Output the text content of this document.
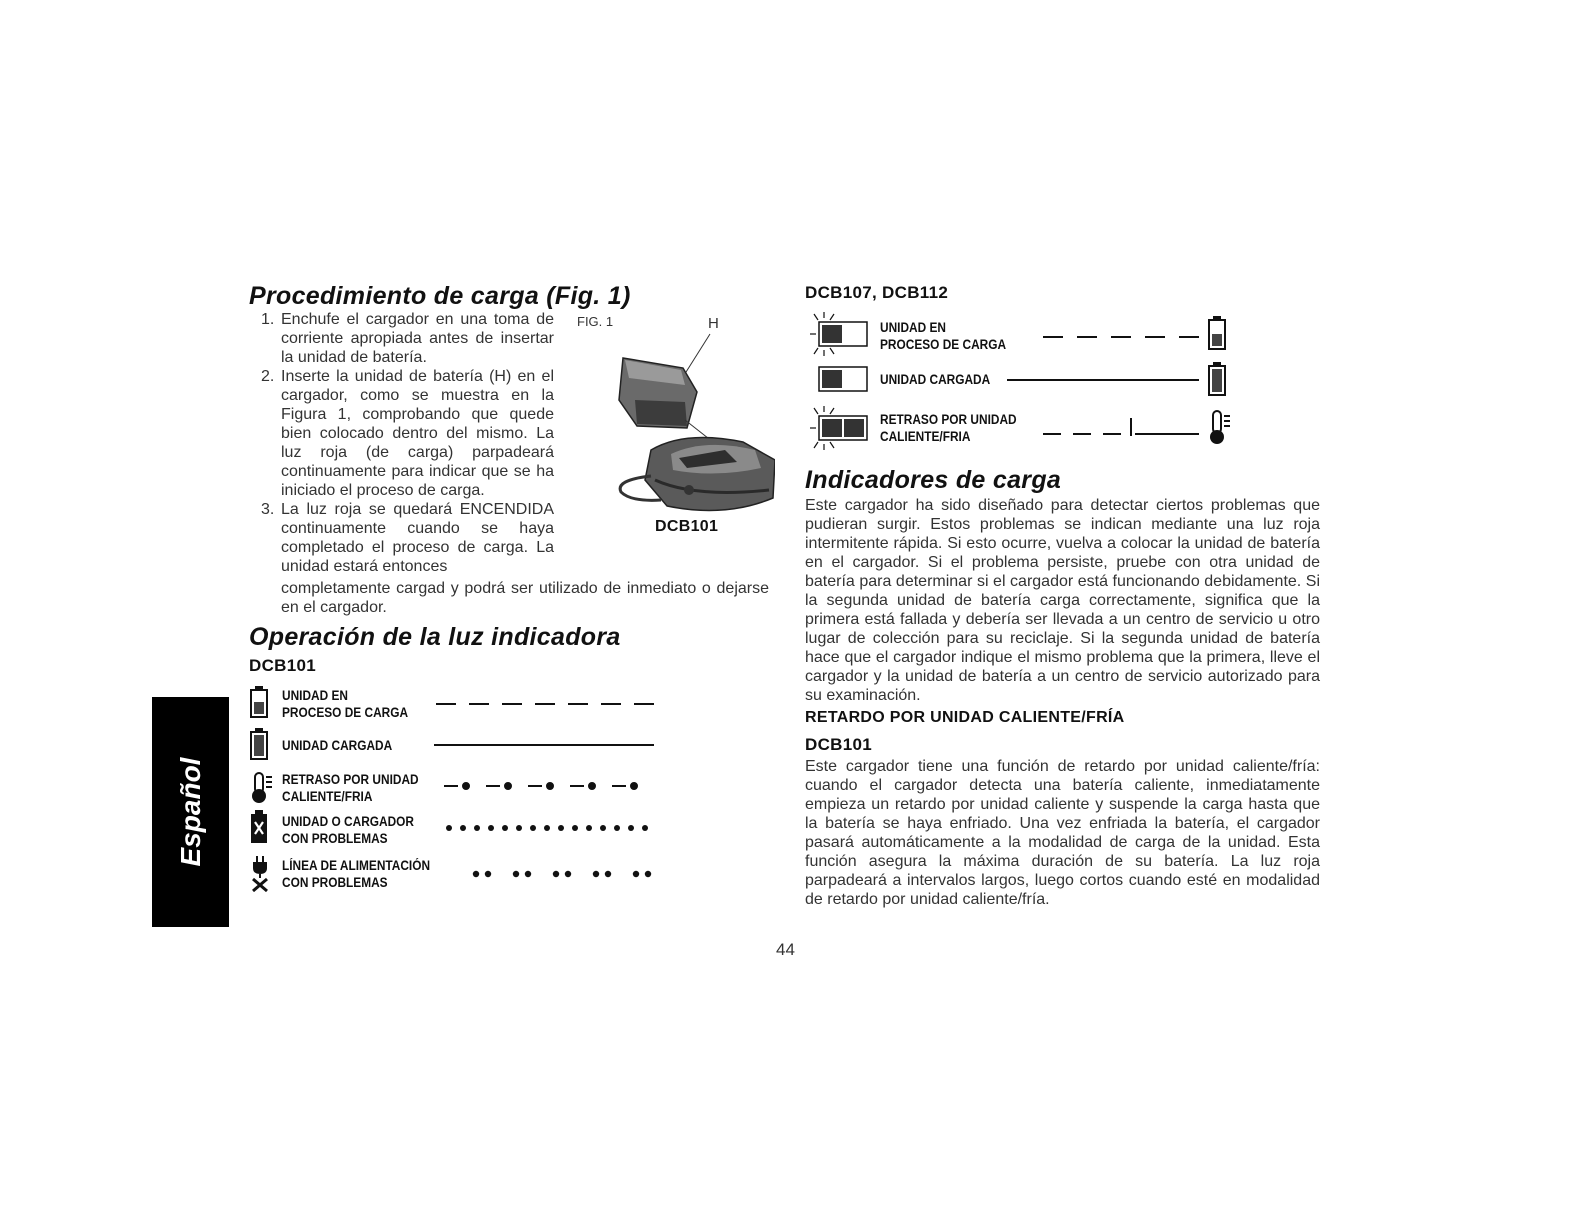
Español
Procedimiento de carga (Fig. 1)
1. Enchufe el cargador en una toma de corriente apropiada antes de insertar la unidad de batería.
2. Inserte la unidad de batería (H) en el cargador, como se muestra en la Figura 1, comprobando que quede bien colocado dentro del mismo. La luz roja (de carga) parpadeará continuamente para indicar que se ha iniciado el proceso de carga.
3. La luz roja se quedará ENCENDIDA continuamente cuando se haya completado el proceso de carga. La unidad estará entonces
completamente cargad y podrá ser utilizado de inmediato o dejarse en el cargador.
FIG. 1	H
DCB101
Operación de la luz indicadora
DCB101
UNIDAD EN
PROCESO DE CARGA
UNIDAD CARGADA
RETRASO POR UNIDAD
CALIENTE/FRIA
UNIDAD O CARGADOR
CON PROBLEMAS
LÍNEA DE ALIMENTACIÓN
CON PROBLEMAS
DCB107, DCB112
UNIDAD EN
PROCESO DE CARGA
UNIDAD CARGADA
RETRASO POR UNIDAD
CALIENTE/FRIA
Indicadores de carga
Este cargador ha sido diseñado para detectar ciertos problemas que pudieran surgir. Estos problemas se indican mediante una luz roja intermitente rápida. Si esto ocurre, vuelva a colocar la unidad de batería en el cargador. Si el problema persiste, pruebe con otra unidad de batería para determinar si el cargador está funcionando debidamente. Si la segunda unidad de batería carga correctamente, significa que la primera está fallada y debería ser llevada a un centro de servicio u otro lugar de colección para su reciclaje. Si la segunda unidad de batería hace que el cargador indique el mismo problema que la primera, lleve el cargador y la unidad de batería a un centro de servicio autorizado para su examinación.
RETARDO POR UNIDAD CALIENTE/FRÍA
DCB101
Este cargador tiene una función de retardo por unidad caliente/fría: cuando el cargador detecta una batería caliente, inmediatamente empieza un retardo por unidad caliente y suspende la carga hasta que la batería se haya enfriado. Una vez enfriada la batería, el cargador pasará automáticamente a la modalidad de carga de la unidad. Esta función asegura la máxima duración de su batería. La luz roja parpadeará a intervalos largos, luego cortos cuando esté en modalidad de retardo por unidad caliente/fría.
44
